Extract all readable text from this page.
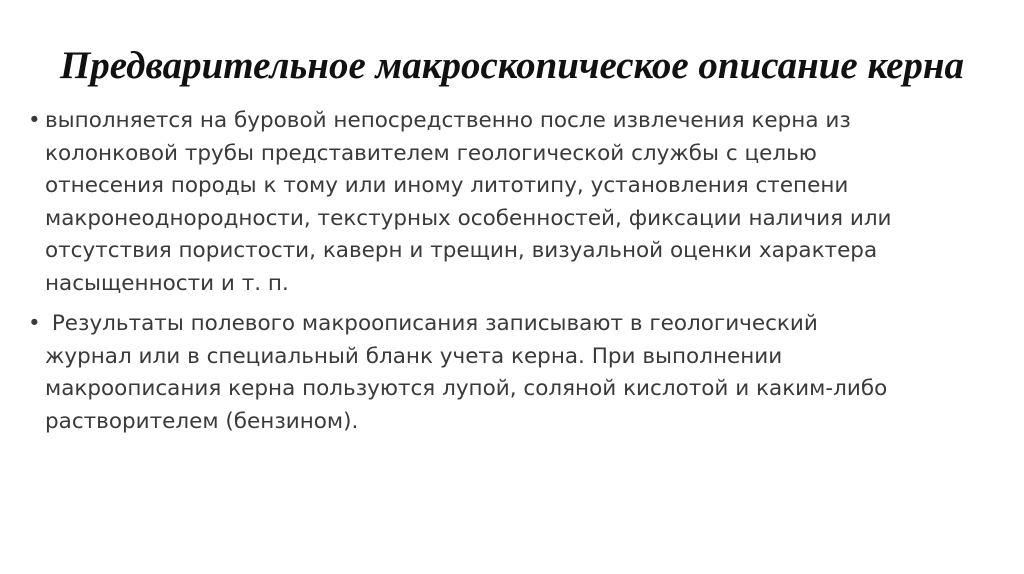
Предварительное макроскопическое описание керна
• выполняется на буровой непосредственно после извлечения керна из
колонковой трубы представителем геологической службы с целью
отнесения породы к тому или иному литотипу, установления степени
макронеоднородности, текстурных особенностей, фиксации наличия или
отсутствия пористости, каверн и трещин, визуальной оценки характера
насыщенности и т. п.
• Результаты полевого макроописания записывают в геологический
журнал или в специальный бланк учета керна. При выполнении
макроописания керна пользуются лупой, соляной кислотой и каким-либо
растворителем (бензином).
